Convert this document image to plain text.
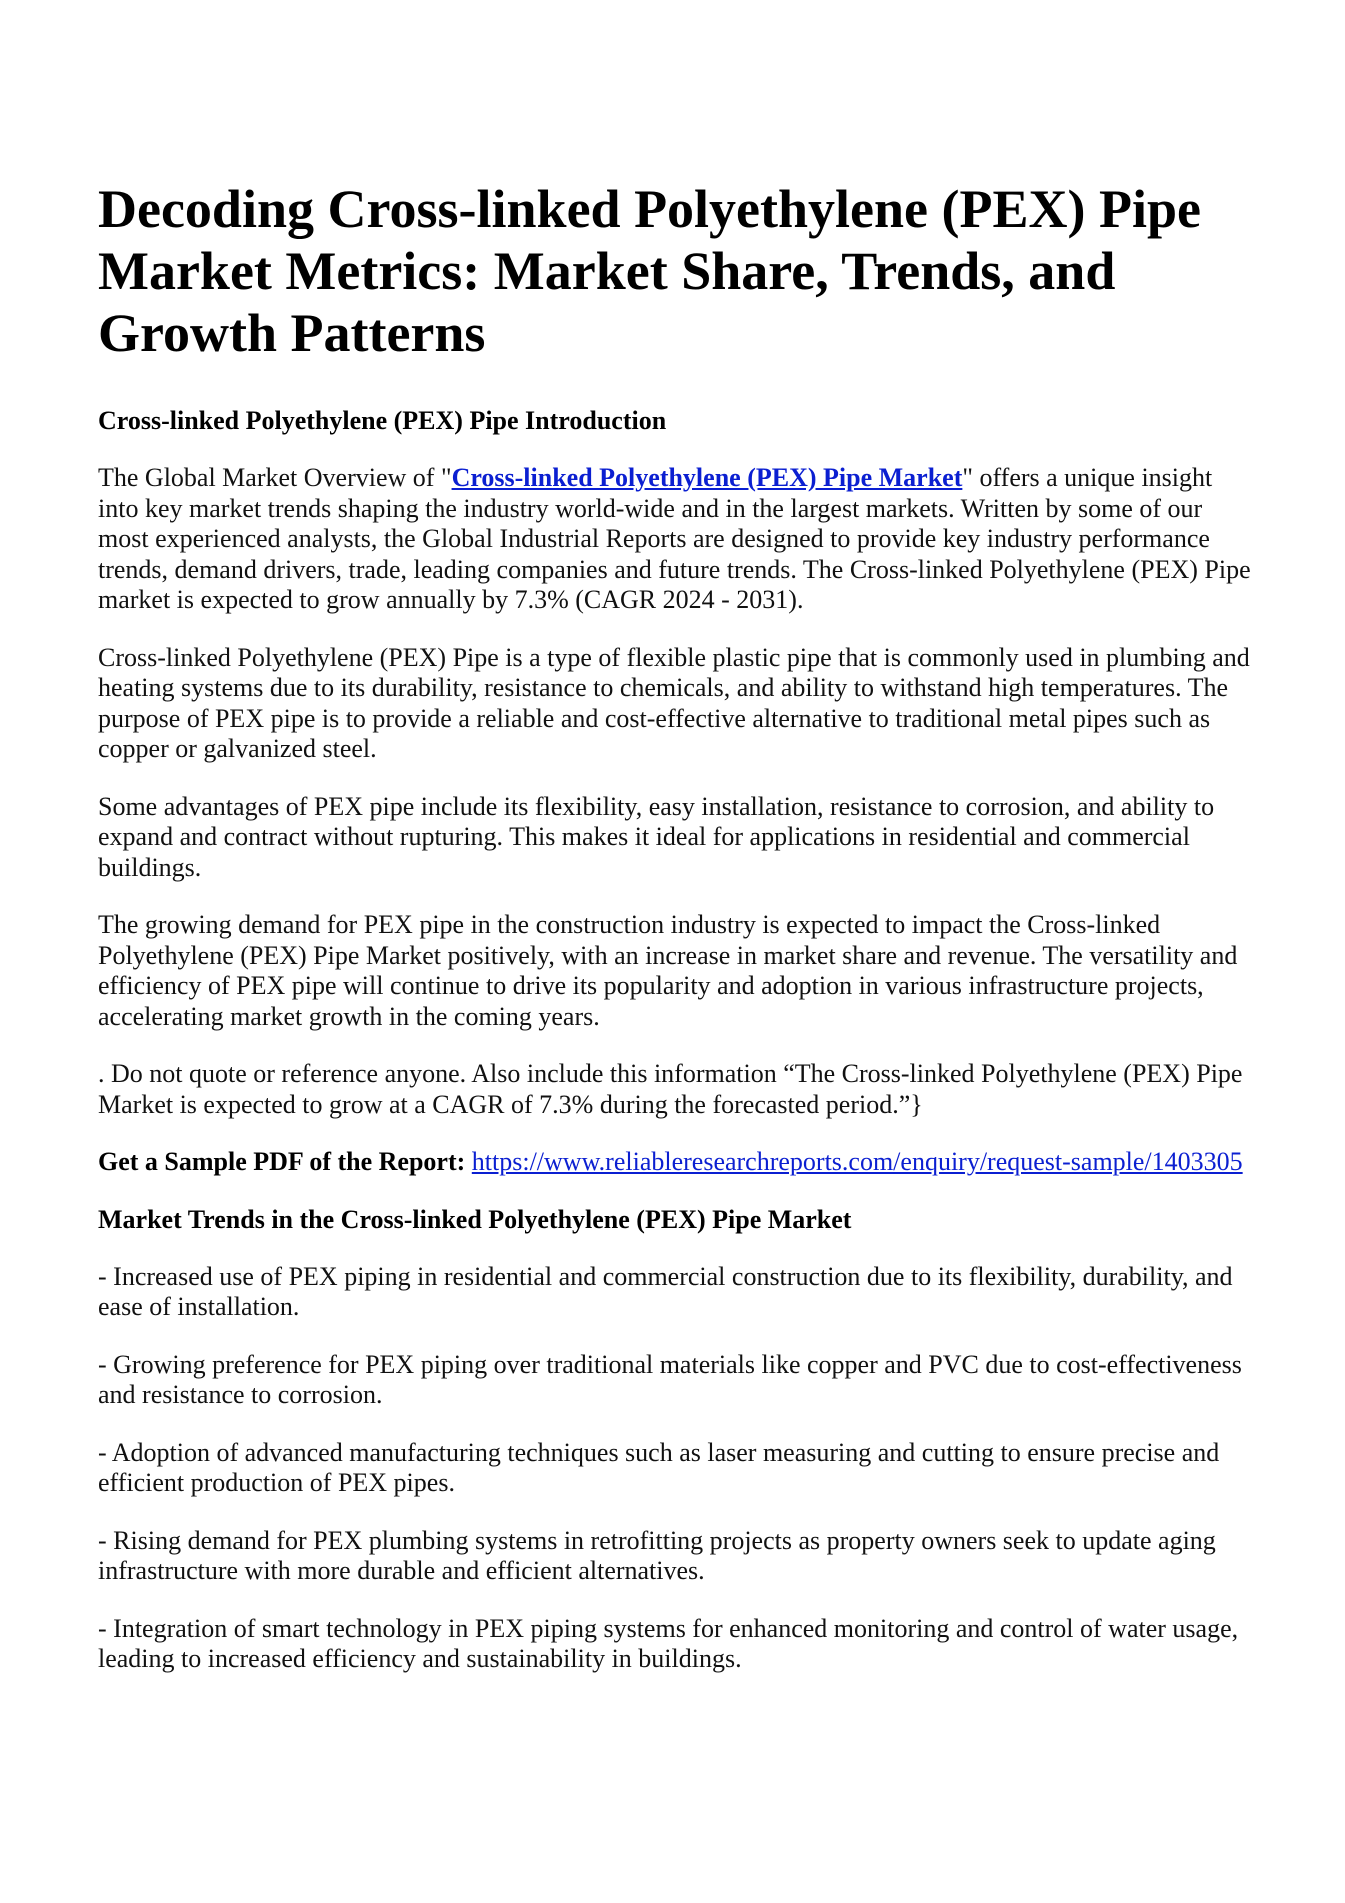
Decoding Cross-linked Polyethylene (PEX) Pipe Market Metrics: Market Share, Trends, and Growth Patterns
Cross-linked Polyethylene (PEX) Pipe Introduction

The Global Market Overview of "Cross-linked Polyethylene (PEX) Pipe Market" offers a unique insight into key market trends shaping the industry world-wide and in the largest markets. Written by some of our most experienced analysts, the Global Industrial Reports are designed to provide key industry performance trends, demand drivers, trade, leading companies and future trends. The Cross-linked Polyethylene (PEX) Pipe market is expected to grow annually by 7.3% (CAGR 2024 - 2031).

Cross-linked Polyethylene (PEX) Pipe is a type of flexible plastic pipe that is commonly used in plumbing and heating systems due to its durability, resistance to chemicals, and ability to withstand high temperatures. The purpose of PEX pipe is to provide a reliable and cost-effective alternative to traditional metal pipes such as copper or galvanized steel.

Some advantages of PEX pipe include its flexibility, easy installation, resistance to corrosion, and ability to expand and contract without rupturing. This makes it ideal for applications in residential and commercial buildings.

The growing demand for PEX pipe in the construction industry is expected to impact the Cross-linked Polyethylene (PEX) Pipe Market positively, with an increase in market share and revenue. The versatility and efficiency of PEX pipe will continue to drive its popularity and adoption in various infrastructure projects, accelerating market growth in the coming years.

. Do not quote or reference anyone. Also include this information “The Cross-linked Polyethylene (PEX) Pipe Market is expected to grow at a CAGR of 7.3% during the forecasted period.”}

Get a Sample PDF of the Report: https://www.reliableresearchreports.com/enquiry/request-sample/1403305

Market Trends in the Cross-linked Polyethylene (PEX) Pipe Market

- Increased use of PEX piping in residential and commercial construction due to its flexibility, durability, and ease of installation.

- Growing preference for PEX piping over traditional materials like copper and PVC due to cost-effectiveness and resistance to corrosion.

- Adoption of advanced manufacturing techniques such as laser measuring and cutting to ensure precise and efficient production of PEX pipes.

- Rising demand for PEX plumbing systems in retrofitting projects as property owners seek to update aging infrastructure with more durable and efficient alternatives.

- Integration of smart technology in PEX piping systems for enhanced monitoring and control of water usage, leading to increased efficiency and sustainability in buildings.
